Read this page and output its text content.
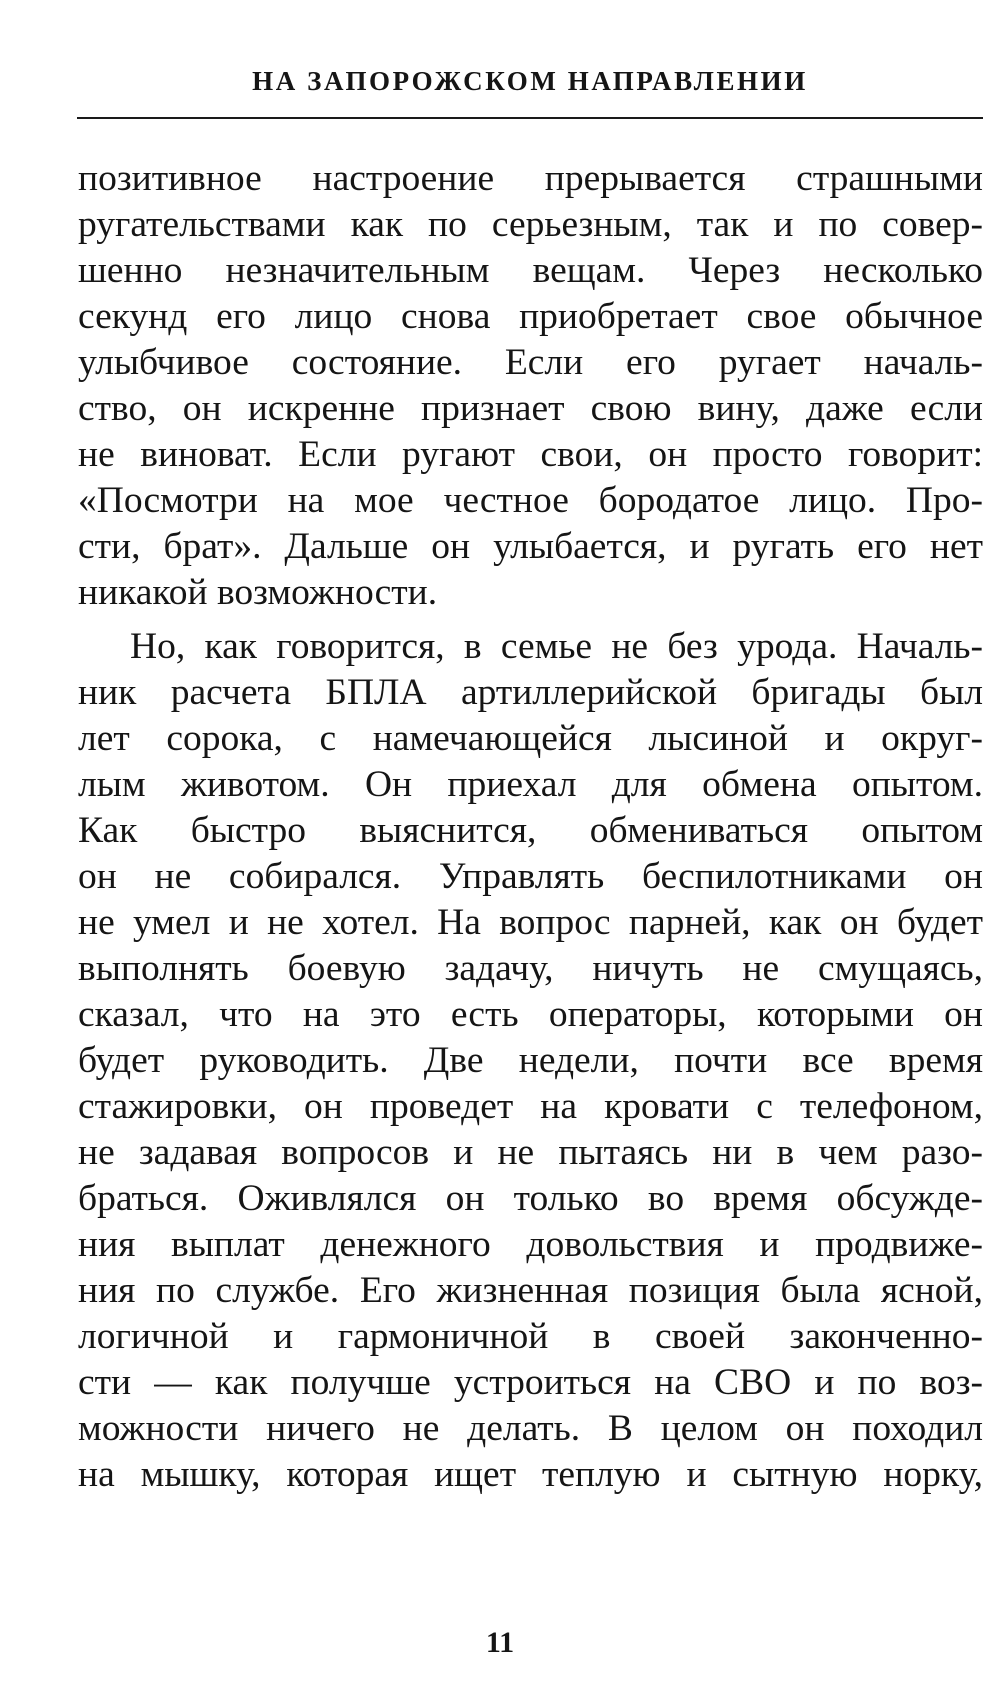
НА ЗАПОРОЖСКОМ НАПРАВЛЕНИИ
позитивное настроение прерывается страшными
ругательствами как по серьезным, так и по совер-
шенно незначительным вещам. Через несколько
секунд его лицо снова приобретает свое обычное
улыбчивое состояние. Если его ругает началь-
ство, он искренне признает свою вину, даже если
не виноват. Если ругают свои, он просто говорит:
«Посмотри на мое честное бородатое лицо. Про-
сти, брат». Дальше он улыбается, и ругать его нет
никакой возможности.
Но, как говорится, в семье не без урода. Началь-
ник расчета БПЛА артиллерийской бригады был
лет сорока, с намечающейся лысиной и округ-
лым животом. Он приехал для обмена опытом.
Как быстро выяснится, обмениваться опытом
он не собирался. Управлять беспилотниками он
не умел и не хотел. На вопрос парней, как он будет
выполнять боевую задачу, ничуть не смущаясь,
сказал, что на это есть операторы, которыми он
будет руководить. Две недели, почти все время
стажировки, он проведет на кровати с телефоном,
не задавая вопросов и не пытаясь ни в чем разо-
браться. Оживлялся он только во время обсужде-
ния выплат денежного довольствия и продвиже-
ния по службе. Его жизненная позиция была ясной,
логичной и гармоничной в своей законченно-
сти — как получше устроиться на СВО и по воз-
можности ничего не делать. В целом он походил
на мышку, которая ищет теплую и сытную норку,
11
